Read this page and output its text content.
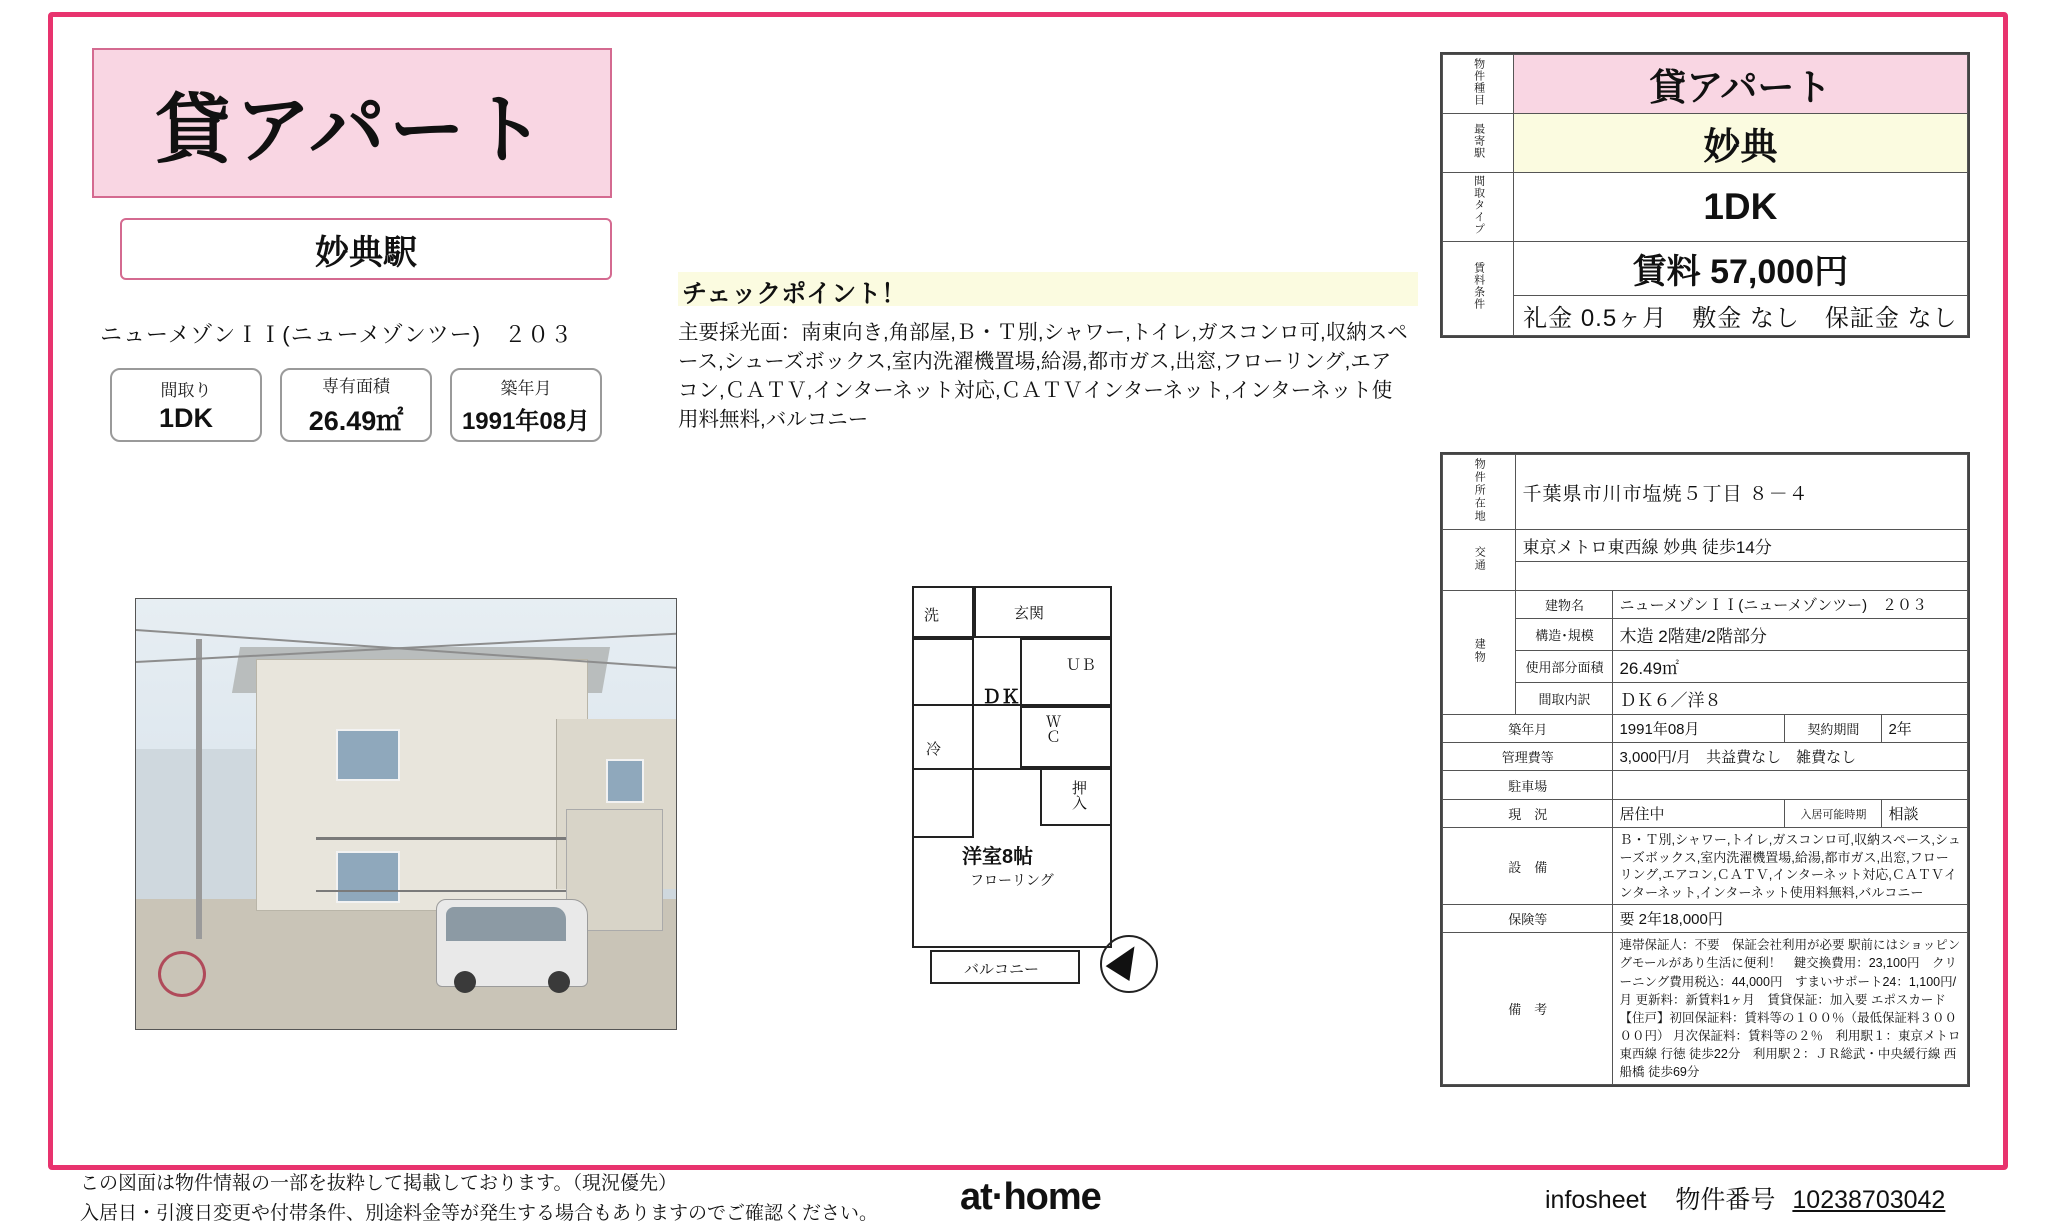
貸アパート
妙典駅
ニューメゾンＩＩ(ニューメゾンツー)　２０３
間取り
1DK
専有面積
26.49㎡
築年月
1991年08月
チェックポイント！
主要採光面：南東向き,角部屋,Ｂ・Ｔ別,シャワー,トイレ,ガスコンロ可,収納スペース,シューズボックス,室内洗濯機置場,給湯,都市ガス,出窓,フローリング,エアコン,ＣＡＴＶ,インターネット対応,ＣＡＴＶインターネット,インターネット使用料無料,バルコニー
洗	玄関
ＤＫ
ＵＢ
ＷＣ
冷
押入
洋室8帖
フローリング
バルコニー
物件種目	貸アパート
最寄駅	妙典
間取タイプ	1DK
賃料条件	賃料 57,000円
	礼金 0.5ヶ月　敷金 なし　保証金 なし
物件所在地	千葉県市川市塩焼５丁目 ８－４			
交通	東京メトロ東西線 妙典 徒歩14分			

建物	建物名	ニューメゾンＩＩ(ニューメゾンツー)　２０３		
	構造･規模	木造 2階建/2階部分		
	使用部分面積	26.49㎡		
	間取内訳	ＤＫ６／洋８		
築年月		1991年08月	契約期間	2年
管理費等		3,000円/月　共益費なし　雑費なし		
駐車場				
現　況		居住中	入居可能時期	相談
設　備		Ｂ・Ｔ別,シャワー,トイレ,ガスコンロ可,収納スペース,シューズボックス,室内洗濯機置場,給湯,都市ガス,出窓,フローリング,エアコン,ＣＡＴＶ,インターネット対応,ＣＡＴＶインターネット,インターネット使用料無料,バルコニー		
保険等		要 2年18,000円		
備　考		連帯保証人：不要　保証会社利用が必要 駅前にはショッピングモールがあり生活に便利！　鍵交換費用：23,100円　クリーニング費用税込：44,000円　すまいサポート24：1,100円/月 更新料：新賃料1ヶ月　賃貸保証：加入要 エポスカード【住戸】初回保証料：賃料等の１００％（最低保証料３００００円） 月次保証料：賃料等の２％　利用駅１：東京メトロ東西線 行徳 徒歩22分　利用駅２：ＪＲ総武・中央緩行線 西船橋 徒歩69分		
この図面は物件情報の一部を抜粋して掲載しております。（現況優先）
入居日・引渡日変更や付帯条件、別途料金等が発生する場合もありますのでご確認ください。 at·home	infosheet 物件番号 10238703042
